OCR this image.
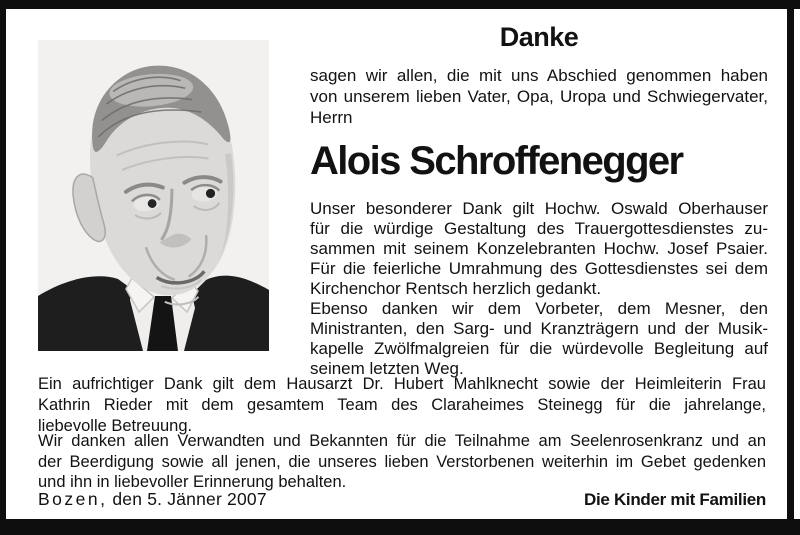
Danke
sagen wir allen, die mit uns Abschied genommen haben
von unserem lieben Vater, Opa, Uropa und Schwiegervater,
Herrn
Alois Schroffenegger
Unser besonderer Dank gilt Hochw. Oswald Oberhauser
für die würdige Gestaltung des Trauergottesdienstes zu-
sammen mit seinem Konzelebranten Hochw. Josef Psaier.
Für die feierliche Umrahmung des Gottesdienstes sei dem
Kirchenchor Rentsch herzlich gedankt.
Ebenso danken wir dem Vorbeter, dem Mesner, den
Ministranten, den Sarg- und Kranzträgern und der Musik-
kapelle Zwölfmalgreien für die würdevolle Begleitung auf
seinem letzten Weg.
Ein aufrichtiger Dank gilt dem Hausarzt Dr. Hubert Mahlknecht sowie der Heimleiterin Frau
Kathrin Rieder mit dem gesamtem Team des Claraheimes Steinegg für die jahrelange,
liebevolle Betreuung.
Wir danken allen Verwandten und Bekannten für die Teilnahme am Seelenrosenkranz und an
der Beerdigung sowie all jenen, die unseres lieben Verstorbenen weiterhin im Gebet gedenken
und ihn in liebevoller Erinnerung behalten.
Bozen, den 5. Jänner 2007	Die Kinder mit Familien
